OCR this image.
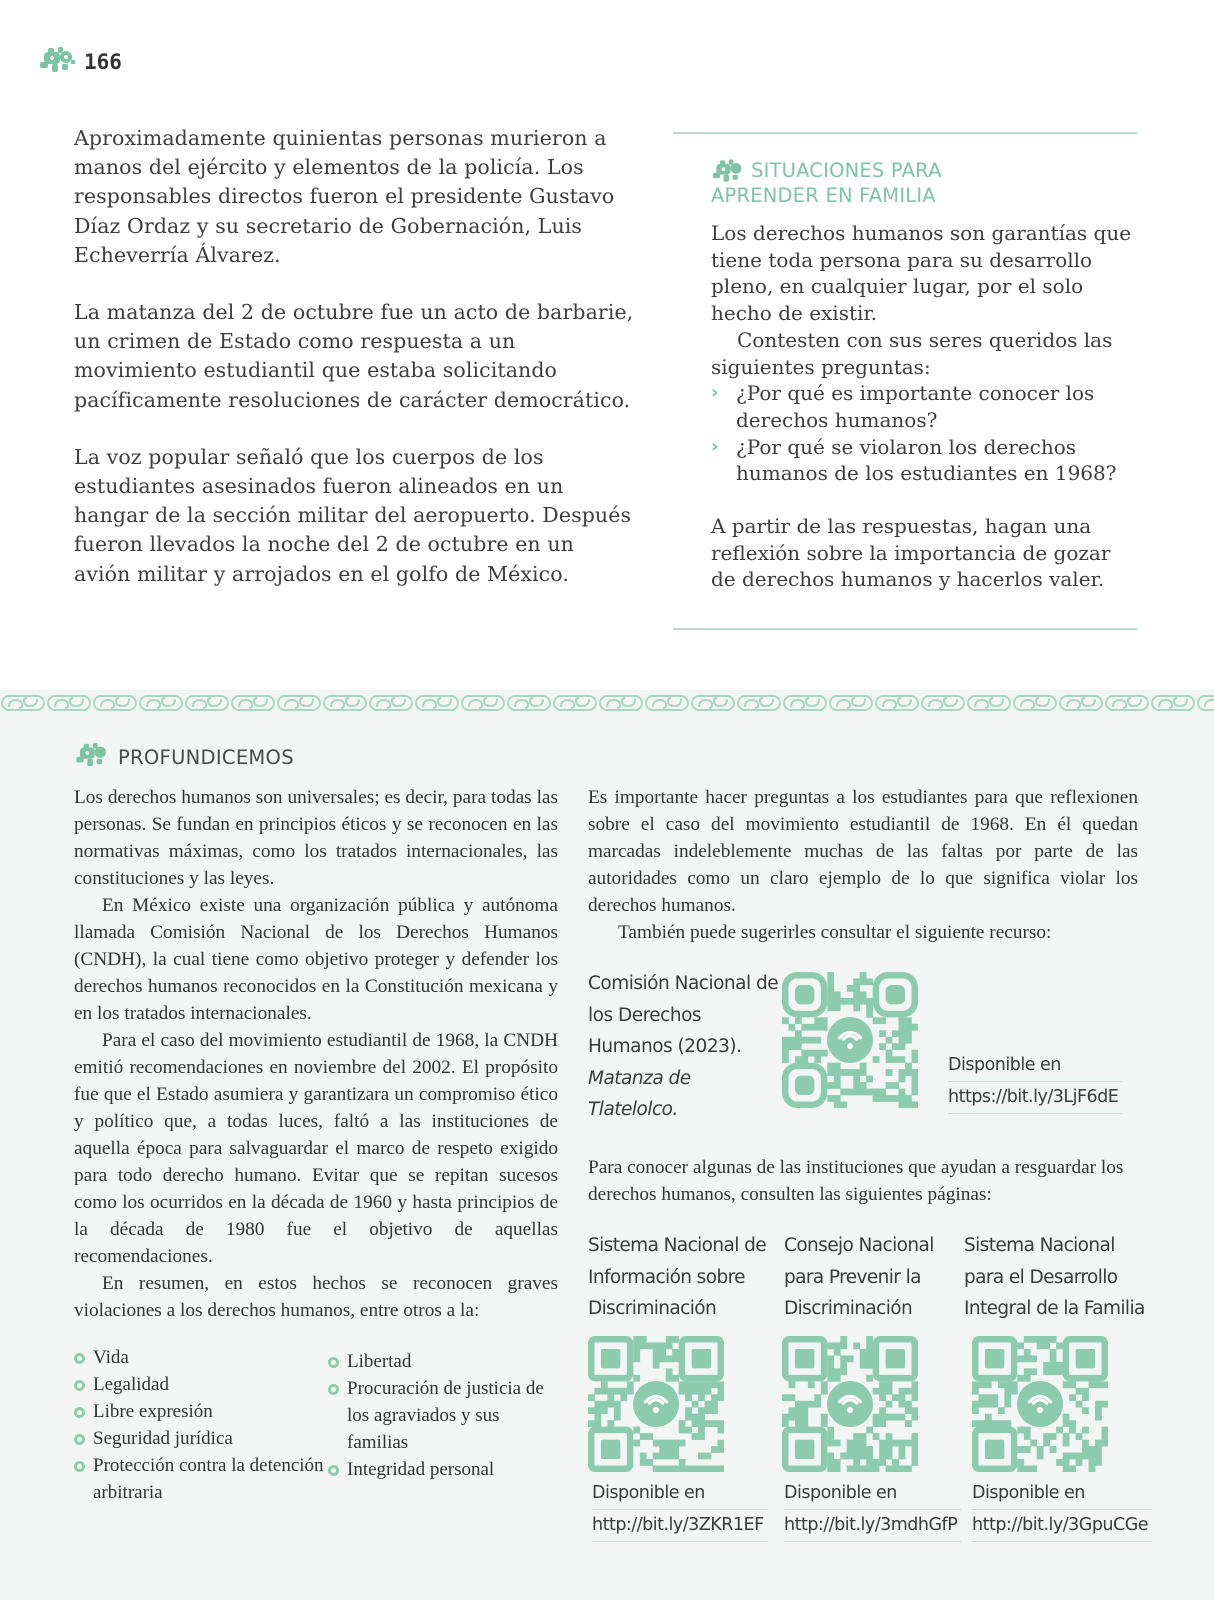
166

Aproximadamente quinientas personas murieron a manos del ejército y elementos de la policía. Los responsables directos fueron el presidente Gustavo Díaz Ordaz y su secretario de Gobernación, Luis Echeverría Álvarez.

La matanza del 2 de octubre fue un acto de barbarie, un crimen de Estado como respuesta a un movimiento estudiantil que estaba solicitando pacíficamente resoluciones de carácter democrático.

La voz popular señaló que los cuerpos de los estudiantes asesinados fueron alineados en un hangar de la sección militar del aeropuerto. Después fueron llevados la noche del 2 de octubre en un avión militar y arrojados en el golfo de México.

SITUACIONES PARA
APRENDER EN FAMILIA

Los derechos humanos son garantías que tiene toda persona para su desarrollo pleno, en cualquier lugar, por el solo hecho de existir.

Contesten con sus seres queridos las siguientes preguntas:

› ¿Por qué es importante conocer los derechos humanos?
› ¿Por qué se violaron los derechos humanos de los estudiantes en 1968?

A partir de las respuestas, hagan una reflexión sobre la importancia de gozar de derechos humanos y hacerlos valer.

PROFUNDICEMOS

Los derechos humanos son universales; es decir, para todas las personas. Se fundan en principios éticos y se reconocen en las normativas máximas, como los tratados internacionales, las constituciones y las leyes.

En México existe una organización pública y autónoma llamada Comisión Nacional de los Derechos Humanos (CNDH), la cual tiene como objetivo proteger y defender los derechos humanos reconocidos en la Constitución mexicana y en los tratados internacionales.

Para el caso del movimiento estudiantil de 1968, la CNDH emitió recomendaciones en noviembre del 2002. El propósito fue que el Estado asumiera y garantizara un compromiso ético y político que, a todas luces, faltó a las instituciones de aquella época para salvaguardar el marco de respeto exigido para todo derecho humano. Evitar que se repitan sucesos como los ocurridos en la década de 1960 y hasta principios de la década de 1980 fue el objetivo de aquellas recomendaciones.

En resumen, en estos hechos se reconocen graves violaciones a los derechos humanos, entre otros a la:

Vida
Legalidad
Libre expresión
Seguridad jurídica
Protección contra la detención arbitraria
Libertad
Procuración de justicia de los agraviados y sus familias
Integridad personal

Es importante hacer preguntas a los estudiantes para que reflexionen sobre el caso del movimiento estudiantil de 1968. En él quedan marcadas indeleblemente muchas de las faltas por parte de las autoridades como un claro ejemplo de lo que significa violar los derechos humanos.

También puede sugerirles consultar el siguiente recurso:

Comisión Nacional de los Derechos Humanos (2023). Matanza de Tlatelolco.
Disponible en
https://bit.ly/3LjF6dE

Para conocer algunas de las instituciones que ayudan a resguardar los derechos humanos, consulten las siguientes páginas:

Sistema Nacional de Información sobre Discriminación
Disponible en
http://bit.ly/3ZKR1EF
Consejo Nacional para Prevenir la Discriminación
Disponible en
http://bit.ly/3mdhGfP
Sistema Nacional para el Desarrollo Integral de la Familia
Disponible en
http://bit.ly/3GpuCGe
